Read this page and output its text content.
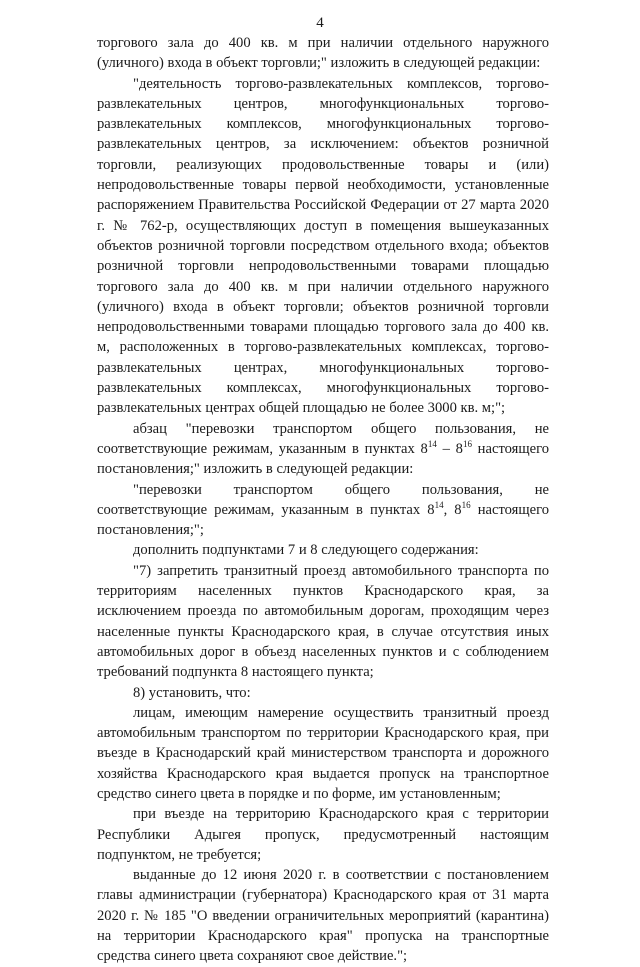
4

торгового зала до 400 кв. м при наличии отдельного наружного (уличного) входа в объект торговли;" изложить в следующей редакции:

"деятельность торгово-развлекательных комплексов, торгово-развлекательных центров, многофункциональных торгово-развлекательных комплексов, многофункциональных торгово-развлекательных центров, за исключением: объектов розничной торговли, реализующих продовольственные товары и (или) непродовольственные товары первой необходимости, установленные распоряжением Правительства Российской Федерации от 27 марта 2020 г. № 762-р, осуществляющих доступ в помещения вышеуказанных объектов розничной торговли посредством отдельного входа; объектов розничной торговли непродовольственными товарами площадью торгового зала до 400 кв. м при наличии отдельного наружного (уличного) входа в объект торговли; объектов розничной торговли непродовольственными товарами площадью торгового зала до 400 кв. м, расположенных в торгово-развлекательных комплексах, торгово-развлекательных центрах, многофункциональных торгово-развлекательных комплексах, многофункциональных торгово-развлекательных центрах общей площадью не более 3000 кв. м;";

абзац "перевозки транспортом общего пользования, не соответствующие режимам, указанным в пунктах $8^{14} - 8^{16}$ настоящего постановления;" изложить в следующей редакции:

"перевозки транспортом общего пользования, не соответствующие режимам, указанным в пунктах $8^{14}$, $8^{16}$ настоящего постановления;";

дополнить подпунктами 7 и 8 следующего содержания:

"7) запретить транзитный проезд автомобильного транспорта по территориям населенных пунктов Краснодарского края, за исключением проезда по автомобильным дорогам, проходящим через населенные пункты Краснодарского края, в случае отсутствия иных автомобильных дорог в объезд населенных пунктов и с соблюдением требований подпункта 8 настоящего пункта;

8) установить, что:

лицам, имеющим намерение осуществить транзитный проезд автомобильным транспортом по территории Краснодарского края, при въезде в Краснодарский край министерством транспорта и дорожного хозяйства Краснодарского края выдается пропуск на транспортное средство синего цвета в порядке и по форме, им установленным;

при въезде на территорию Краснодарского края с территории Республики Адыгея пропуск, предусмотренный настоящим подпунктом, не требуется;

выданные до 12 июня 2020 г. в соответствии с постановлением главы администрации (губернатора) Краснодарского края от 31 марта 2020 г. № 185 "О введении ограничительных мероприятий (карантина) на территории Краснодарского края" пропуска на транспортные средства синего цвета сохраняют свое действие.";
